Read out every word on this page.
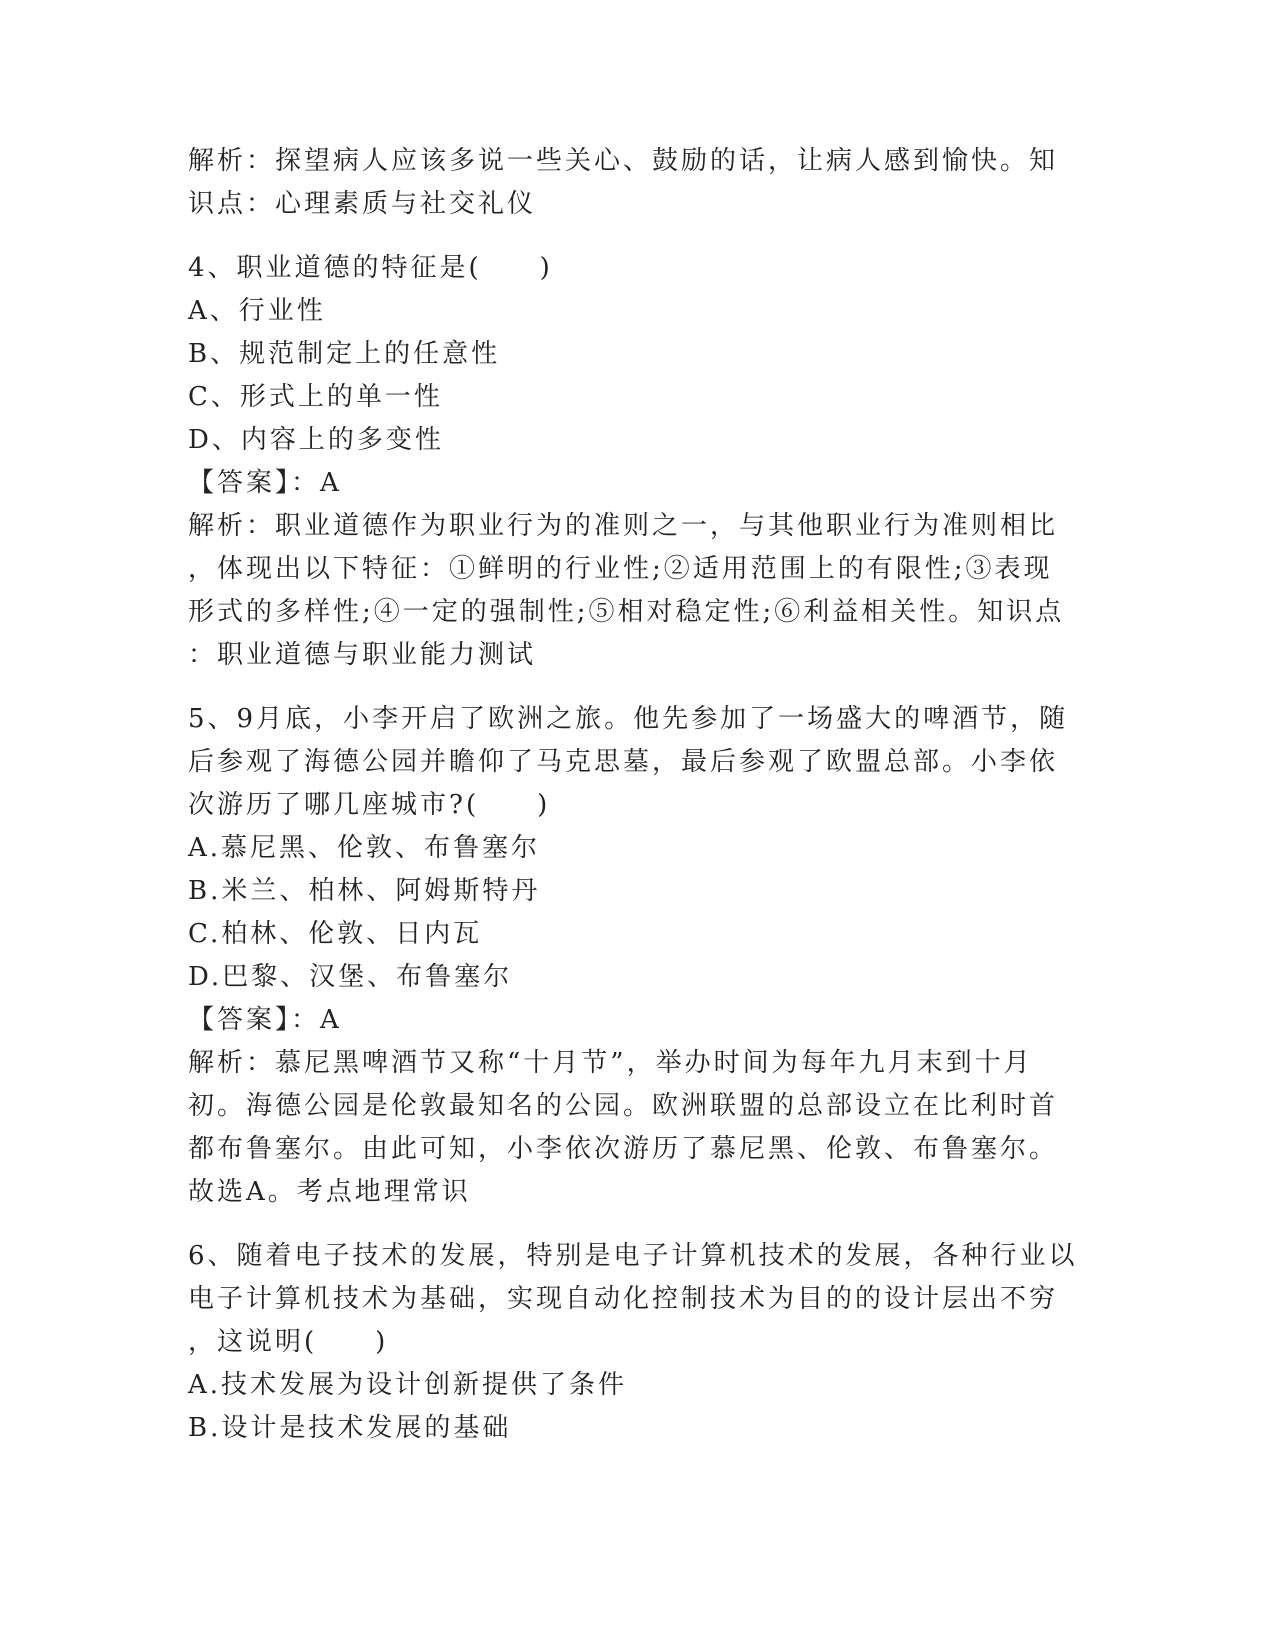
解析：探望病人应该多说一些关心、鼓励的话，让病人感到愉快。知
识点：心理素质与社交礼仪
4、职业道德的特征是(　　)
A、行业性
B、规范制定上的任意性
C、形式上的单一性
D、内容上的多变性
【答案】：A
解析：职业道德作为职业行为的准则之一，与其他职业行为准则相比
，体现出以下特征：①鲜明的行业性;②适用范围上的有限性;③表现
形式的多样性;④一定的强制性;⑤相对稳定性;⑥利益相关性。知识点
：职业道德与职业能力测试
5、9月底，小李开启了欧洲之旅。他先参加了一场盛大的啤酒节，随
后参观了海德公园并瞻仰了马克思墓，最后参观了欧盟总部。小李依
次游历了哪几座城市?(　　)
A.慕尼黑、伦敦、布鲁塞尔
B.米兰、柏林、阿姆斯特丹
C.柏林、伦敦、日内瓦
D.巴黎、汉堡、布鲁塞尔
【答案】：A
解析：慕尼黑啤酒节又称“十月节”，举办时间为每年九月末到十月
初。海德公园是伦敦最知名的公园。欧洲联盟的总部设立在比利时首
都布鲁塞尔。由此可知，小李依次游历了慕尼黑、伦敦、布鲁塞尔。
故选A。考点地理常识
6、随着电子技术的发展，特别是电子计算机技术的发展，各种行业以
电子计算机技术为基础，实现自动化控制技术为目的的设计层出不穷
，这说明(　　)
A.技术发展为设计创新提供了条件
B.设计是技术发展的基础
